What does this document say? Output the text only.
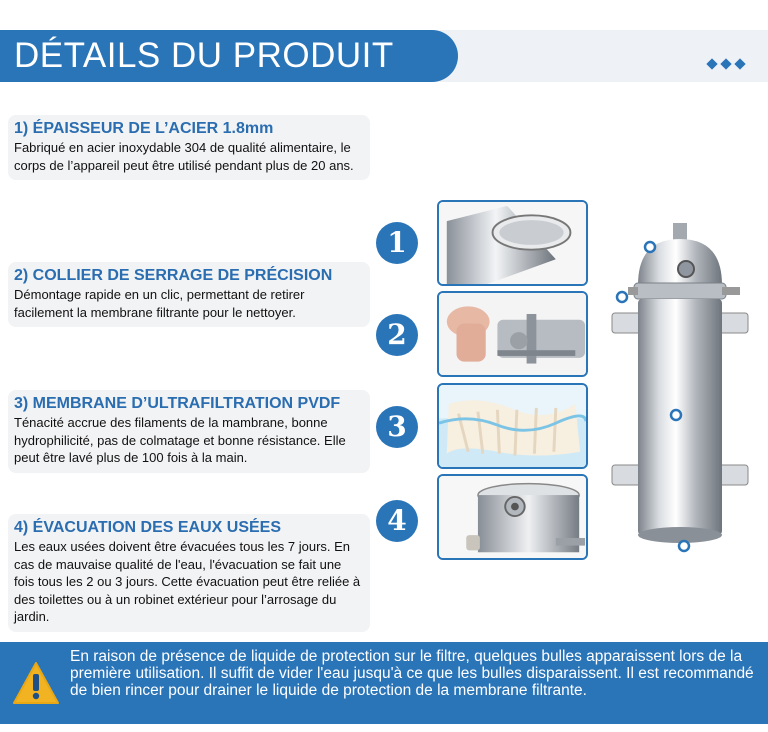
DÉTAILS DU PRODUIT
1) ÉPAISSEUR DE L’ACIER 1.8mm

Fabriqué en acier inoxydable 304 de qualité alimentaire, le corps de l’appareil peut être utilisé pendant plus de 20 ans.

2) COLLIER DE SERRAGE DE PRÉCISION

Démontage rapide en un clic, permettant de retirer facilement la membrane filtrante pour le nettoyer.

3) MEMBRANE D’ULTRAFILTRATION PVDF

Ténacité accrue des filaments de la mambrane, bonne hydrophilicité, pas de colmatage et bonne résistance. Elle peut être lavé plus de 100 fois à la main.

4) ÉVACUATION DES EAUX USÉES

Les eaux usées doivent être évacuées tous les 7 jours. En cas de mauvaise qualité de l'eau, l'évacuation se fait une fois tous les 2 ou 3 jours. Cette évacuation peut être reliée à des toilettes ou à un robinet extérieur pour l’arrosage du jardin.

1
2
3
4
En raison de présence de liquide de protection sur le filtre, quelques bulles apparaissent lors de la première utilisation. Il suffit de vider l'eau jusqu'à ce que les bulles disparaissent. Il est recommandé de bien rincer pour drainer le liquide de protection de la membrane filtrante.
